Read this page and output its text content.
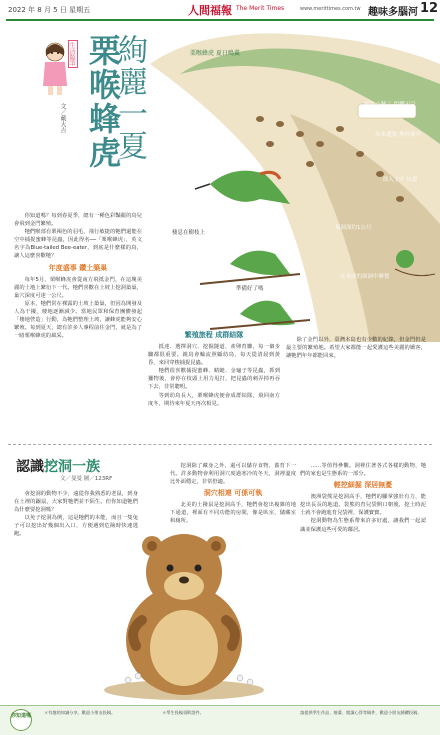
2022 年 8 月 5 日 星期五	人間福報 The Merit Times	www.merittimes.com.tw 趣味多腦河 12
生活隨筆
文／戴大吉 絢麗一夏
栗喉蜂虎	栗喉蜂虎 夏日鳴翼
彩色小精工 閃耀天空
出來還要 飛回巢中
深入土中 坑道
巢洞深約1公尺
在未成的窩洞中睡覺
準備好了嗎
棲息在樹枝上

你知道嗎？每到春夏季，總有一種色彩豔麗的鳥兒會飛到金門繁殖。

牠們喉部有栗褐色的羽毛，飛行敏捷的牠們還能在空中捕捉蜜蜂等昆蟲，因此得名──「栗喉蜂虎」，英文名字為Blue-tailed Bee-eater，到底是什麼樣的鳥，讓人這麼喜歡牠？

年度盛事 鑽土築巢

每年5月，栗喉蜂虎會從南方飛抵金門，在這塊美麗的土地上繁衍下一代。牠們喜歡在土坡上挖洞築巢，巢穴深度可達一公尺。

原本，牠們常在裸露的土坡上築巢，但因為開發及人為干擾，棲地逐漸減少。當地民眾和保育團體發起「棲地營造」行動，為牠們整理土坡，讓蜂虎能夠安心繁殖。每到夏天，總有許多人專程前往金門，就是為了一睹栗喉蜂虎的風采。	繁殖旅程 成群結隊

抵達、選擇洞穴、挖掘隧道、產卵育雛，每一個步驟都很重要。親鳥會輪流照顧幼鳥，每天從清晨到黃昏，來回穿梭捕捉昆蟲。

牠們很喜歡捕捉蜜蜂、蜻蜓、金龜子等昆蟲，抓到獵物後，會停在枝頭上用力甩打，把昆蟲的刺弄掉再吞下去，非常聰明。

等到幼鳥長大，栗喉蜂虎便會成群結隊，飛回南方度冬，期待來年夏天再次相見。

除了金門以外，臺灣本島也有少數的紀錄，但金門仍是最主要的繁殖地。希望大家都能一起愛護這些美麗的嬌客，讓牠們年年都能回來。

認識挖洞一族
文／曼曼 圖／123RF

會挖洞的動物不少，遠從你我熟悉的老鼠，到身在土裡的鼴鼠，大家對牠們並不陌生。但你知道牠們為什麼要挖洞嗎？

以免子挖洞為例，這是牠們的本能，而且一隻兔子可以挖出好幾個出入口，方便遇到危險時快速逃跑。

挖洞除了藏身之外，還可以儲存食物、養育下一代。許多動物會利用洞穴度過寒冷的冬天，洞裡溫度比外面穩定，非常舒適。

洞穴相連 可係可執

北美的土撥鼠是挖洞高手，牠們會挖出複雜的地下通道，裡面有不同功能的房間，像是臥室、儲藏室和廁所。

……等值得參觀。洞裡住著各式各樣的動物，牠們的家也是生態系的一部分。

輕挖細掘 深居無憂

澳洲袋熊是挖洞高手，牠們的腳掌強壯有力，能挖出長長的地道。袋熊的育兒袋開口朝後，挖土時泥土就不會跑進育兒袋裡，保護寶寶。

挖洞動物為生態系帶來許多好處，讓我們一起認識並保護這些可愛的鄰居。

你知道嗎
＊有趣的知識分享，歡迎小朋友投稿。	＊學生投稿須附證件。	請提供學生作品、繪畫、閱讀心得等稿件，歡迎小朋友踴躍投稿。
